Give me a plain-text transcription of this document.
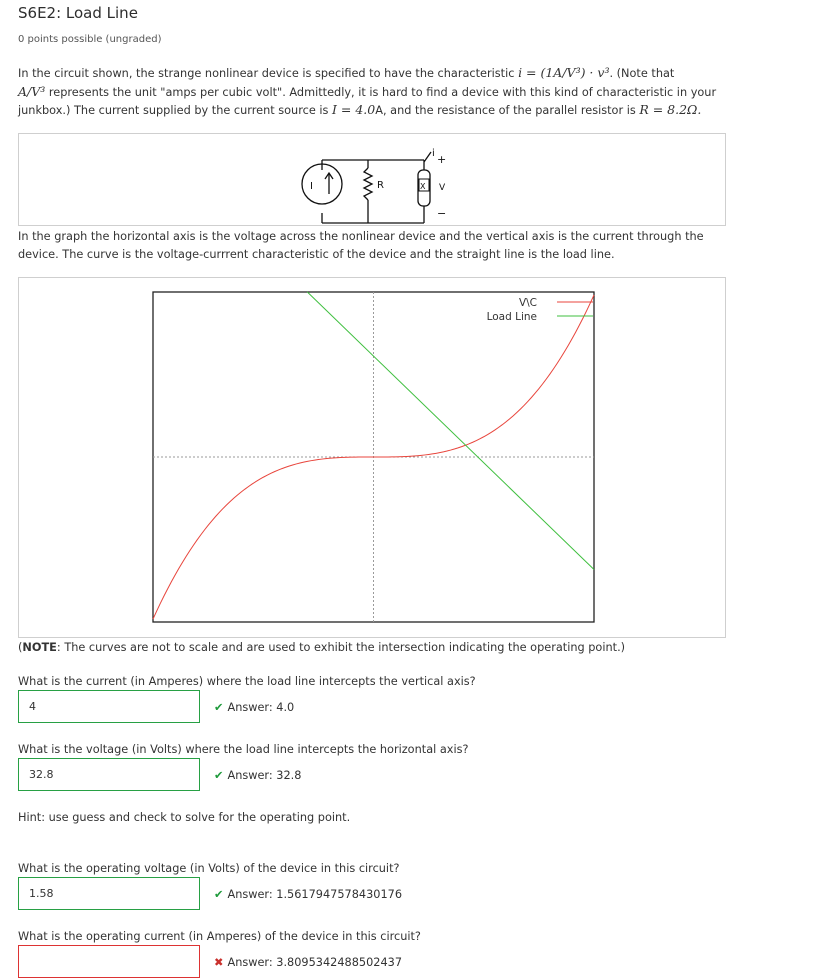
S6E2: Load Line
0 points possible (ungraded)
In the circuit shown, the strange nonlinear device is specified to have the characteristic i = (1A/V³) · v³. (Note that
A/V³ represents the unit "amps per cubic volt". Admittedly, it is hard to find a device with this kind of characteristic in your
junkbox.) The current supplied by the current source is I = 4.0A, and the resistance of the parallel resistor is R = 8.2Ω.
I	R	X
i
V
+
−
In the graph the horizontal axis is the voltage across the nonlinear device and the vertical axis is the current through the
device. The curve is the voltage-currrent characteristic of the device and the straight line is the load line.
V\C
Load Line
(NOTE: The curves are not to scale and are used to exhibit the intersection indicating the operating point.)
What is the current (in Amperes) where the load line intercepts the vertical axis?
4	✔ Answer: 4.0
What is the voltage (in Volts) where the load line intercepts the horizontal axis?
32.8	✔ Answer: 32.8
Hint: use guess and check to solve for the operating point.
What is the operating voltage (in Volts) of the device in this circuit?
1.58	✔ Answer: 1.5617947578430176
What is the operating current (in Amperes) of the device in this circuit?
✖ Answer: 3.8095342488502437
